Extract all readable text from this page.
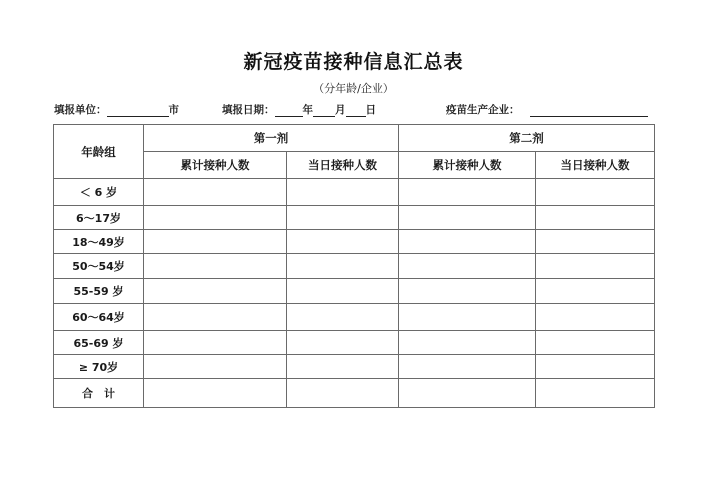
新冠疫苗接种信息汇总表
（分年龄/企业）
填报单位：	市	填报日期：	年 月 日	疫苗生产企业：
年龄组	第一剂		第二剂	
	累计接种人数	当日接种人数	累计接种人数	当日接种人数
＜ 6 岁				
6～17岁				
18～49岁				
50～54岁				
55-59 岁				
60～64岁				
65-69 岁				
≥ 70岁				
合　计				
